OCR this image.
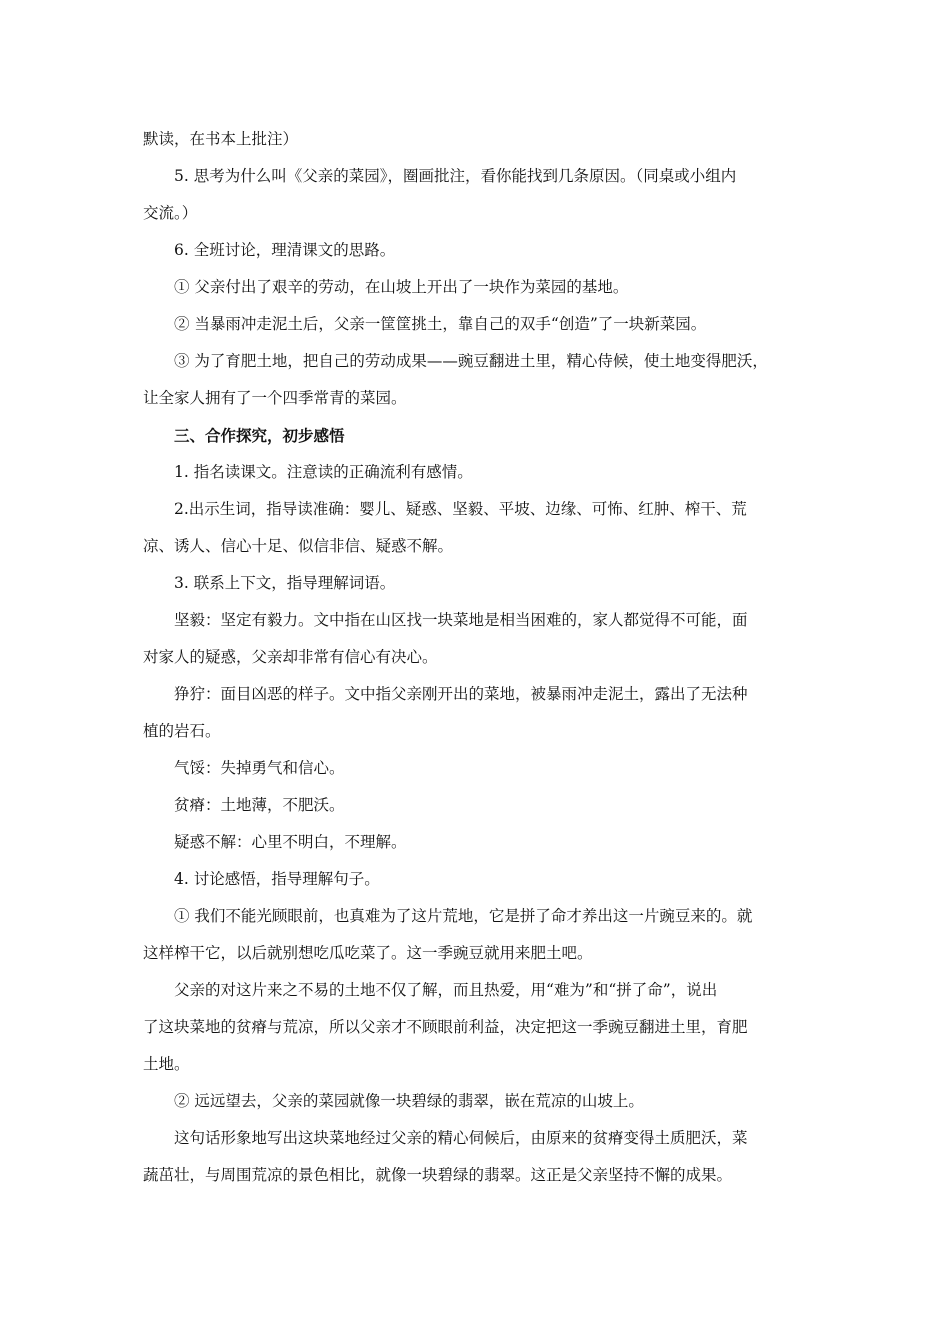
默读，在书本上批注）

5. 思考为什么叫《父亲的菜园》，圈画批注，看你能找到几条原因。（同桌或小组内

交流。）

6. 全班讨论，理清课文的思路。

① 父亲付出了艰辛的劳动，在山坡上开出了一块作为菜园的基地。

② 当暴雨冲走泥土后，父亲一筐筐挑土，靠自己的双手“创造”了一块新菜园。

③ 为了育肥土地，把自己的劳动成果——豌豆翻进土里，精心侍候，使土地变得肥沃，

让全家人拥有了一个四季常青的菜园。

三、合作探究，初步感悟

1. 指名读课文。注意读的正确流利有感情。

2.出示生词，指导读准确：婴儿、疑惑、坚毅、平坡、边缘、可怖、红肿、榨干、荒

凉、诱人、信心十足、似信非信、疑惑不解。

3. 联系上下文，指导理解词语。

坚毅：坚定有毅力。文中指在山区找一块菜地是相当困难的，家人都觉得不可能，面

对家人的疑惑，父亲却非常有信心有决心。

狰狞：面目凶恶的样子。文中指父亲刚开出的菜地，被暴雨冲走泥土，露出了无法种

植的岩石。

气馁：失掉勇气和信心。

贫瘠：土地薄，不肥沃。

疑惑不解：心里不明白，不理解。

4. 讨论感悟，指导理解句子。

① 我们不能光顾眼前，也真难为了这片荒地，它是拼了命才养出这一片豌豆来的。就

这样榨干它，以后就别想吃瓜吃菜了。这一季豌豆就用来肥土吧。

父亲的对这片来之不易的土地不仅了解，而且热爱，用“难为”和“拼了命”，说出

了这块菜地的贫瘠与荒凉，所以父亲才不顾眼前利益，决定把这一季豌豆翻进土里，育肥

土地。

② 远远望去，父亲的菜园就像一块碧绿的翡翠，嵌在荒凉的山坡上。

这句话形象地写出这块菜地经过父亲的精心伺候后，由原来的贫瘠变得土质肥沃，菜

蔬茁壮，与周围荒凉的景色相比，就像一块碧绿的翡翠。这正是父亲坚持不懈的成果。
